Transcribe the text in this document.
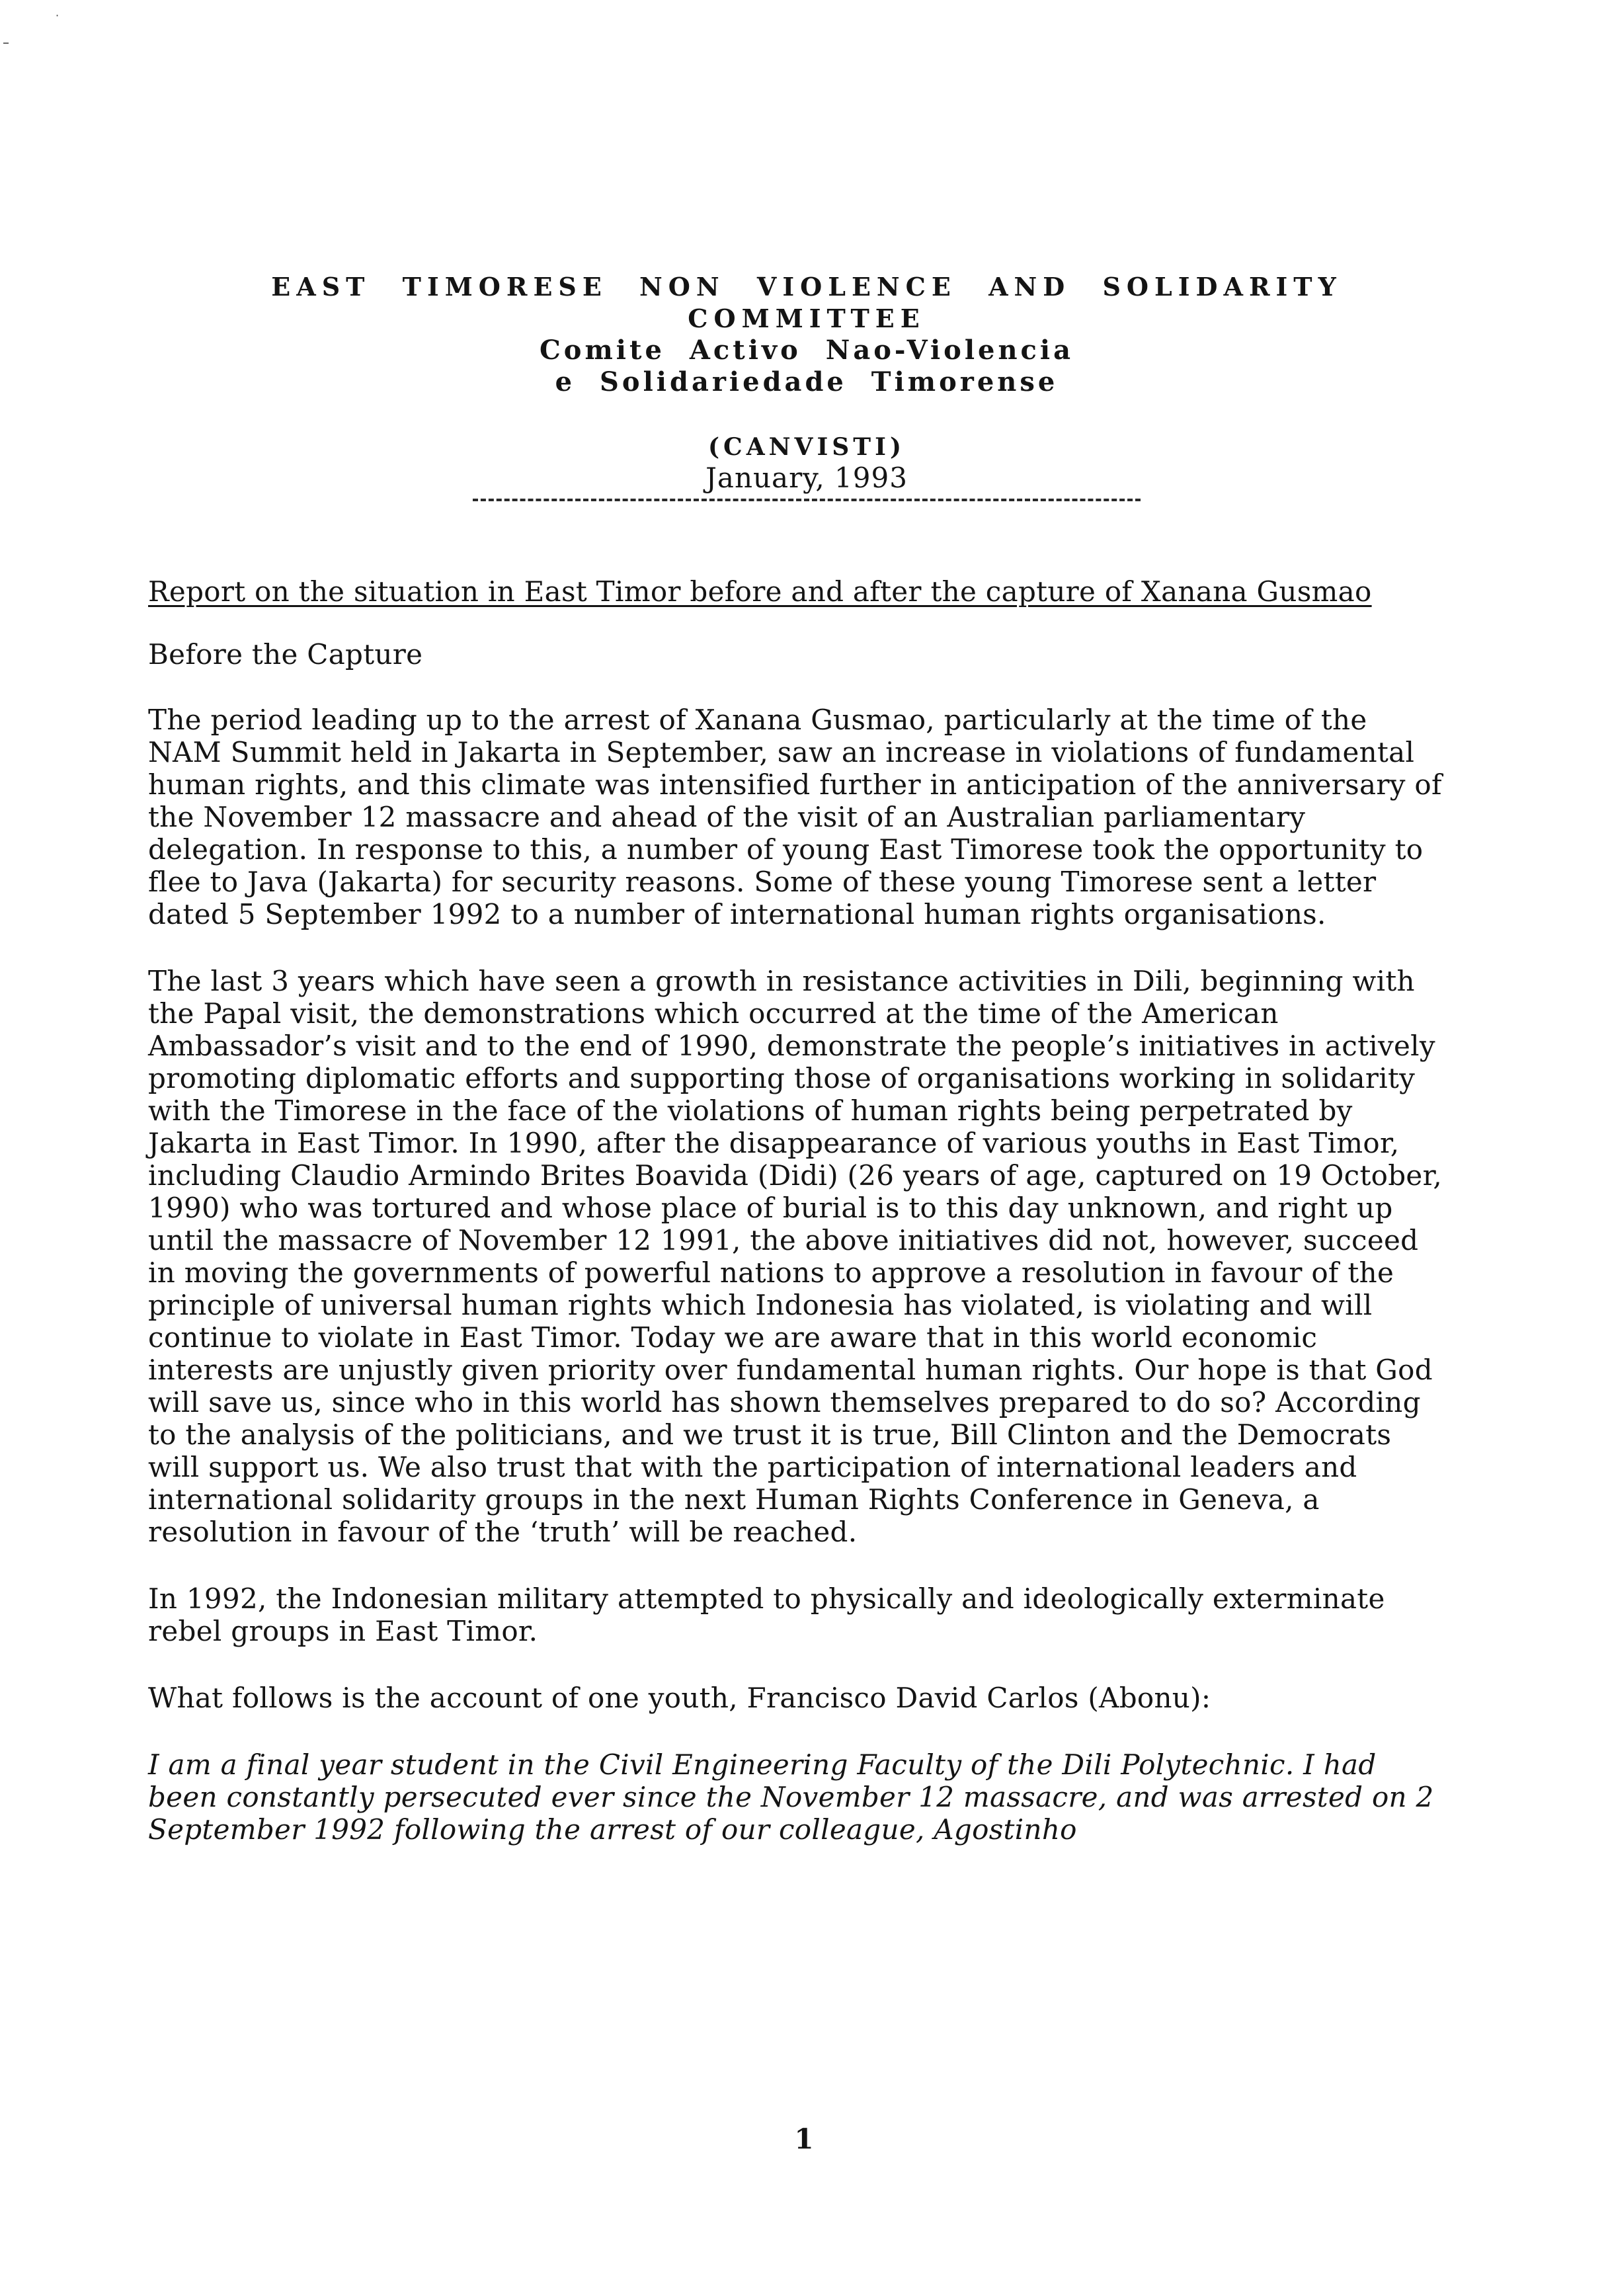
–
·

EAST TIMORESE NON VIOLENCE AND SOLIDARITY

COMMITTEE

Comite Activo Nao-Violencia

e Solidariedade Timorense

(CANVISTI)
January, 1993

Report on the situation in East Timor before and after the capture of Xanana Gusmao

Before the Capture

The period leading up to the arrest of Xanana Gusmao, particularly at the time of the NAM Summit held in Jakarta in September, saw an increase in violations of fundamental human rights, and this climate was intensified further in anticipation of the anniversary of the November 12 massacre and ahead of the visit of an Australian parliamentary delegation. In response to this, a number of young East Timorese took the opportunity to flee to Java (Jakarta) for security reasons. Some of these young Timorese sent a letter dated 5 September 1992 to a number of international human rights organisations.

The last 3 years which have seen a growth in resistance activities in Dili, beginning with the Papal visit, the demonstrations which occurred at the time of the American Ambassador’s visit and to the end of 1990, demonstrate the people’s initiatives in actively promoting diplomatic efforts and supporting those of organisations working in solidarity with the Timorese in the face of the violations of human rights being perpetrated by Jakarta in East Timor. In 1990, after the disappearance of various youths in East Timor, including Claudio Armindo Brites Boavida (Didi) (26 years of age, captured on 19 October, 1990) who was tortured and whose place of burial is to this day unknown, and right up until the massacre of November 12 1991, the above initiatives did not, however, succeed in moving the governments of powerful nations to approve a resolution in favour of the principle of universal human rights which Indonesia has violated, is violating and will continue to violate in East Timor. Today we are aware that in this world economic interests are unjustly given priority over fundamental human rights. Our hope is that God will save us, since who in this world has shown themselves prepared to do so? According to the analysis of the politicians, and we trust it is true, Bill Clinton and the Democrats will support us. We also trust that with the participation of international leaders and international solidarity groups in the next Human Rights Conference in Geneva, a resolution in favour of the ‘truth’ will be reached.

In 1992, the Indonesian military attempted to physically and ideologically exterminate rebel groups in East Timor.

What follows is the account of one youth, Francisco David Carlos (Abonu):

I am a final year student in the Civil Engineering Faculty of the Dili Polytechnic. I had been constantly persecuted ever since the November 12 massacre, and was arrested on 2 September 1992 following the arrest of our colleague, Agostinho

1
